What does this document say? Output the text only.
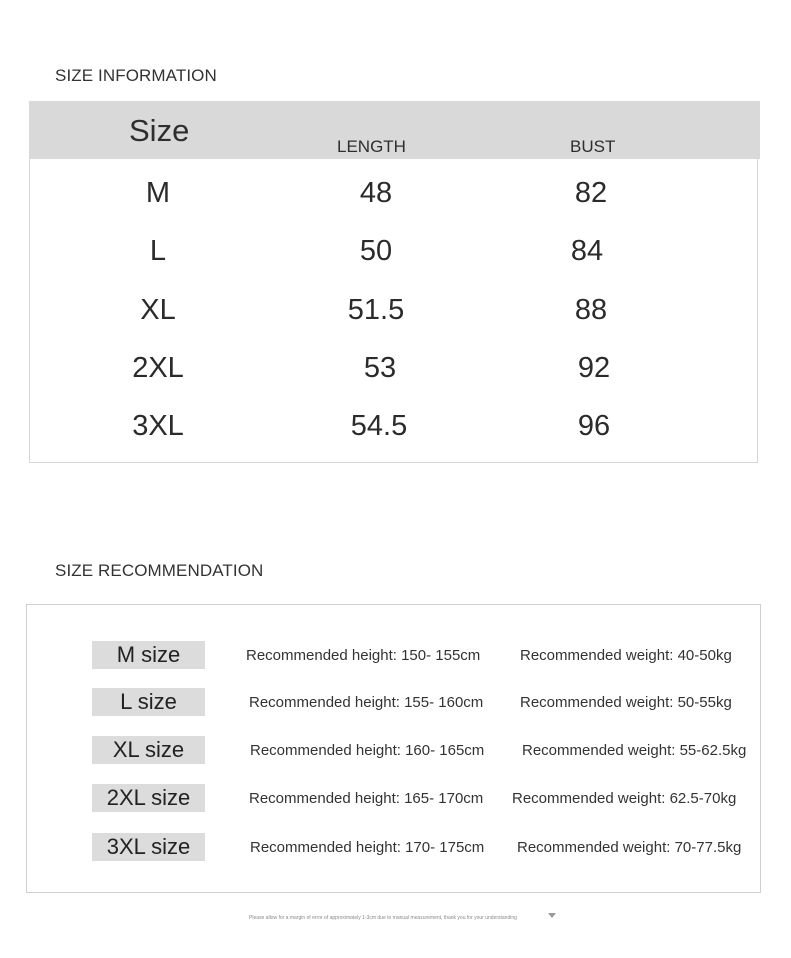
SIZE INFORMATION
Size	LENGTH	BUST
M	48	82
L	50	84
XL	51.5	88
2XL	53	92
3XL	54.5	96
SIZE RECOMMENDATION
M size	Recommended height: 150- 155cm	Recommended weight: 40-50kg
L size	Recommended height: 155- 160cm Recommended weight: 50-55kg
XL size	Recommended height: 160- 165cm	Recommended weight: 55-62.5kg
2XL size	Recommended height: 165- 170cm Recommended weight: 62.5-70kg
3XL size	Recommended height: 170- 175cm Recommended weight: 70-77.5kg
Please allow for a margin of error of approximately 1-3cm due to manual measurement, thank you for your understanding
